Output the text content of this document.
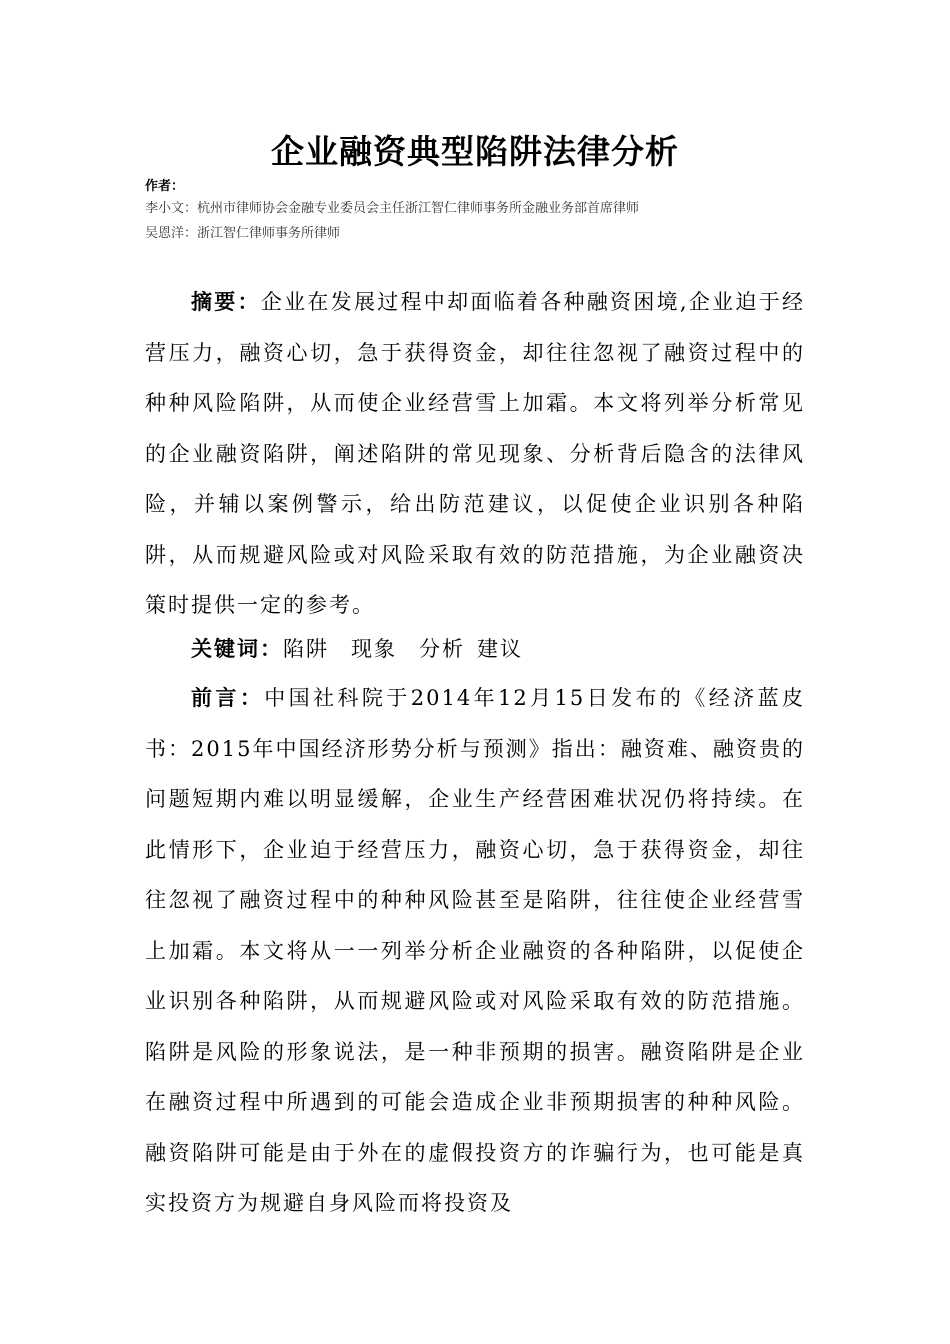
企业融资典型陷阱法律分析
作者：
李小文：杭州市律师协会金融专业委员会主任浙江智仁律师事务所金融业务部首席律师
吴恩洋：浙江智仁律师事务所律师
摘要：企业在发展过程中却面临着各种融资困境,企业迫于经营压力，融资心切，急于获得资金，却往往忽视了融资过程中的种种风险陷阱，从而使企业经营雪上加霜。本文将列举分析常见的企业融资陷阱，阐述陷阱的常见现象、分析背后隐含的法律风险，并辅以案例警示，给出防范建议，以促使企业识别各种陷阱，从而规避风险或对风险采取有效的防范措施，为企业融资决策时提供一定的参考。
关键词：陷阱 现象 分析 建议
前言：中国社科院于2014年12月15日发布的《经济蓝皮书：2015年中国经济形势分析与预测》指出：融资难、融资贵的问题短期内难以明显缓解，企业生产经营困难状况仍将持续。在此情形下，企业迫于经营压力，融资心切，急于获得资金，却往往忽视了融资过程中的种种风险甚至是陷阱，往往使企业经营雪上加霜。本文将从一一列举分析企业融资的各种陷阱，以促使企业识别各种陷阱，从而规避风险或对风险采取有效的防范措施。陷阱是风险的形象说法，是一种非预期的损害。融资陷阱是企业在融资过程中所遇到的可能会造成企业非预期损害的种种风险。融资陷阱可能是由于外在的虚假投资方的诈骗行为，也可能是真实投资方为规避自身风险而将投资及
